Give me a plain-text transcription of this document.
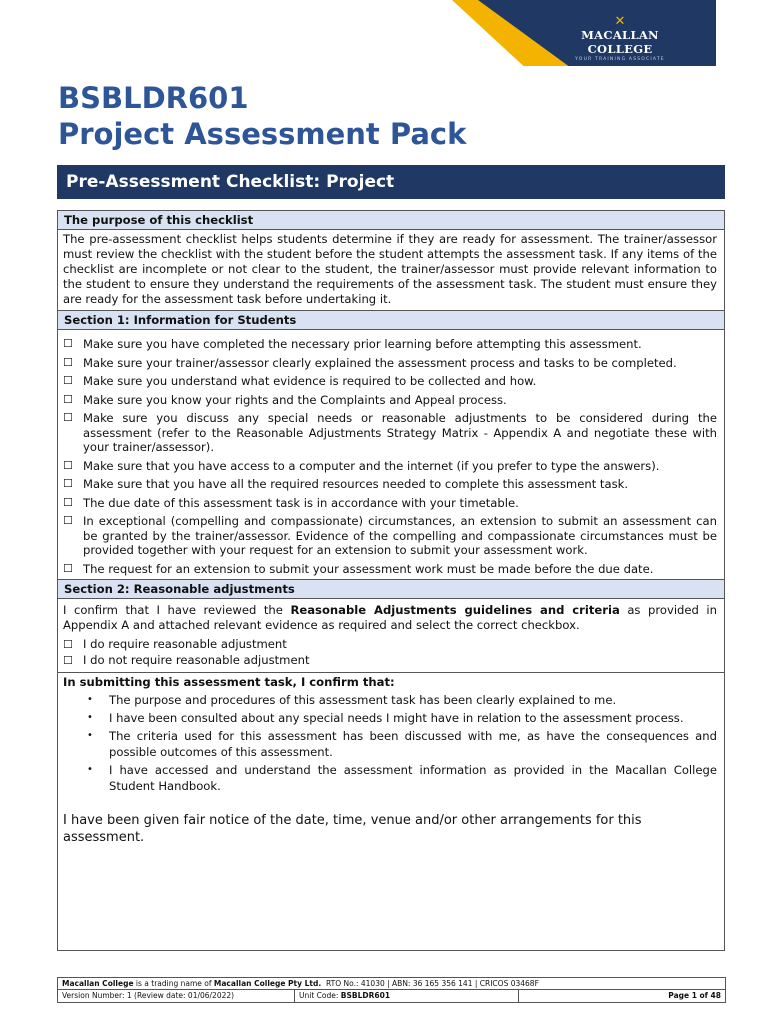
✕
MACALLAN COLLEGE
YOUR TRAINING ASSOCIATE
BSBLDR601
Project Assessment Pack
Pre-Assessment Checklist: Project
The purpose of this checklist
The pre-assessment checklist helps students determine if they are ready for assessment. The trainer/assessor must review the checklist with the student before the student attempts the assessment task. If any items of the checklist are incomplete or not clear to the student, the trainer/assessor must provide relevant information to the student to ensure they understand the requirements of the assessment task. The student must ensure they are ready for the assessment task before undertaking it.
Section 1: Information for Students
☐ Make sure you have completed the necessary prior learning before attempting this assessment.
☐ Make sure your trainer/assessor clearly explained the assessment process and tasks to be completed.
☐ Make sure you understand what evidence is required to be collected and how.
☐ Make sure you know your rights and the Complaints and Appeal process.
☐ Make sure you discuss any special needs or reasonable adjustments to be considered during the assessment (refer to the Reasonable Adjustments Strategy Matrix - Appendix A and negotiate these with your trainer/assessor).
☐ Make sure that you have access to a computer and the internet (if you prefer to type the answers).
☐ Make sure that you have all the required resources needed to complete this assessment task.
☐ The due date of this assessment task is in accordance with your timetable.
☐ In exceptional (compelling and compassionate) circumstances, an extension to submit an assessment can be granted by the trainer/assessor. Evidence of the compelling and compassionate circumstances must be provided together with your request for an extension to submit your assessment work.
☐ The request for an extension to submit your assessment work must be made before the due date.
Section 2: Reasonable adjustments
I confirm that I have reviewed the Reasonable Adjustments guidelines and criteria as provided in Appendix A and attached relevant evidence as required and select the correct checkbox.
☐ I do require reasonable adjustment
☐ I do not require reasonable adjustment
In submitting this assessment task, I confirm that:
• The purpose and procedures of this assessment task has been clearly explained to me.
• I have been consulted about any special needs I might have in relation to the assessment process.
• The criteria used for this assessment has been discussed with me, as have the consequences and possible outcomes of this assessment.
• I have accessed and understand the assessment information as provided in the Macallan College Student Handbook.
I have been given fair notice of the date, time, venue and/or other arrangements for this assessment.
Macallan College is a trading name of Macallan College Pty Ltd.  RTO No.: 41030 | ABN: 36 165 356 141 | CRICOS 03468F
Version Number: 1 (Review date: 01/06/2022)	Unit Code: BSBLDR601	Page 1 of 48
